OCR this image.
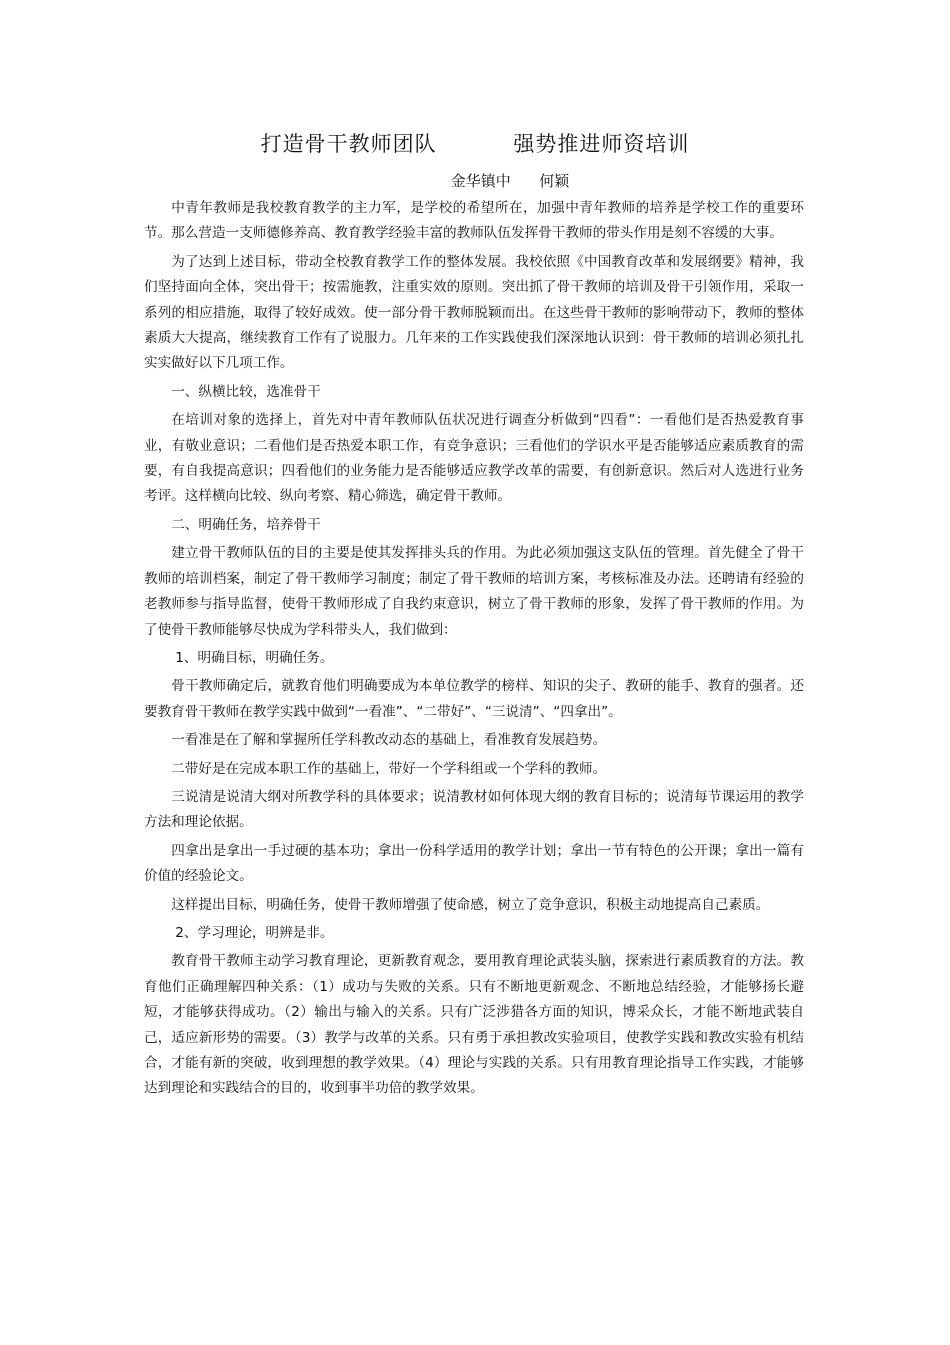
打造骨干教师团队          强势推进师资培训
金华镇中      何颖

中青年教师是我校教育教学的主力军，是学校的希望所在，加强中青年教师的培养是学校工作的重要环节。那么营造一支师德修养高、教育教学经验丰富的教师队伍发挥骨干教师的带头作用是刻不容缓的大事。

为了达到上述目标，带动全校教育教学工作的整体发展。我校依照《中国教育改革和发展纲要》精神，我们坚持面向全体，突出骨干；按需施教，注重实效的原则。突出抓了骨干教师的培训及骨干引领作用，采取一系列的相应措施，取得了较好成效。使一部分骨干教师脱颖而出。在这些骨干教师的影响带动下，教师的整体素质大大提高，继续教育工作有了说服力。几年来的工作实践使我们深深地认识到：骨干教师的培训必须扎扎实实做好以下几项工作。

一、纵横比较，选准骨干

在培训对象的选择上，首先对中青年教师队伍状况进行调查分析做到“四看”：一看他们是否热爱教育事业，有敬业意识；二看他们是否热爱本职工作，有竞争意识；三看他们的学识水平是否能够适应素质教育的需要，有自我提高意识；四看他们的业务能力是否能够适应教学改革的需要，有创新意识。然后对人选进行业务考评。这样横向比较、纵向考察、精心筛选，确定骨干教师。

二、明确任务，培养骨干

建立骨干教师队伍的目的主要是使其发挥排头兵的作用。为此必须加强这支队伍的管理。首先健全了骨干教师的培训档案，制定了骨干教师学习制度；制定了骨干教师的培训方案，考核标准及办法。还聘请有经验的老教师参与指导监督，使骨干教师形成了自我约束意识，树立了骨干教师的形象，发挥了骨干教师的作用。为了使骨干教师能够尽快成为学科带头人，我们做到：

1、明确目标，明确任务。

骨干教师确定后，就教育他们明确要成为本单位教学的榜样、知识的尖子、教研的能手、教育的强者。还要教育骨干教师在教学实践中做到“一看准”、“二带好”、“三说清”、“四拿出”。

一看准是在了解和掌握所任学科教改动态的基础上，看准教育发展趋势。

二带好是在完成本职工作的基础上，带好一个学科组或一个学科的教师。

三说清是说清大纲对所教学科的具体要求；说清教材如何体现大纲的教育目标的；说清每节课运用的教学方法和理论依据。

四拿出是拿出一手过硬的基本功；拿出一份科学适用的教学计划；拿出一节有特色的公开课；拿出一篇有价值的经验论文。

这样提出目标，明确任务，使骨干教师增强了使命感，树立了竞争意识，积极主动地提高自己素质。

2、学习理论，明辨是非。

教育骨干教师主动学习教育理论，更新教育观念，要用教育理论武装头脑，探索进行素质教育的方法。教育他们正确理解四种关系：（1）成功与失败的关系。只有不断地更新观念、不断地总结经验，才能够扬长避短，才能够获得成功。（2）输出与输入的关系。只有广泛涉猎各方面的知识，博采众长，才能不断地武装自己，适应新形势的需要。（3）教学与改革的关系。只有勇于承担教改实验项目，使教学实践和教改实验有机结合，才能有新的突破，收到理想的教学效果。（4）理论与实践的关系。只有用教育理论指导工作实践，才能够达到理论和实践结合的目的，收到事半功倍的教学效果。
